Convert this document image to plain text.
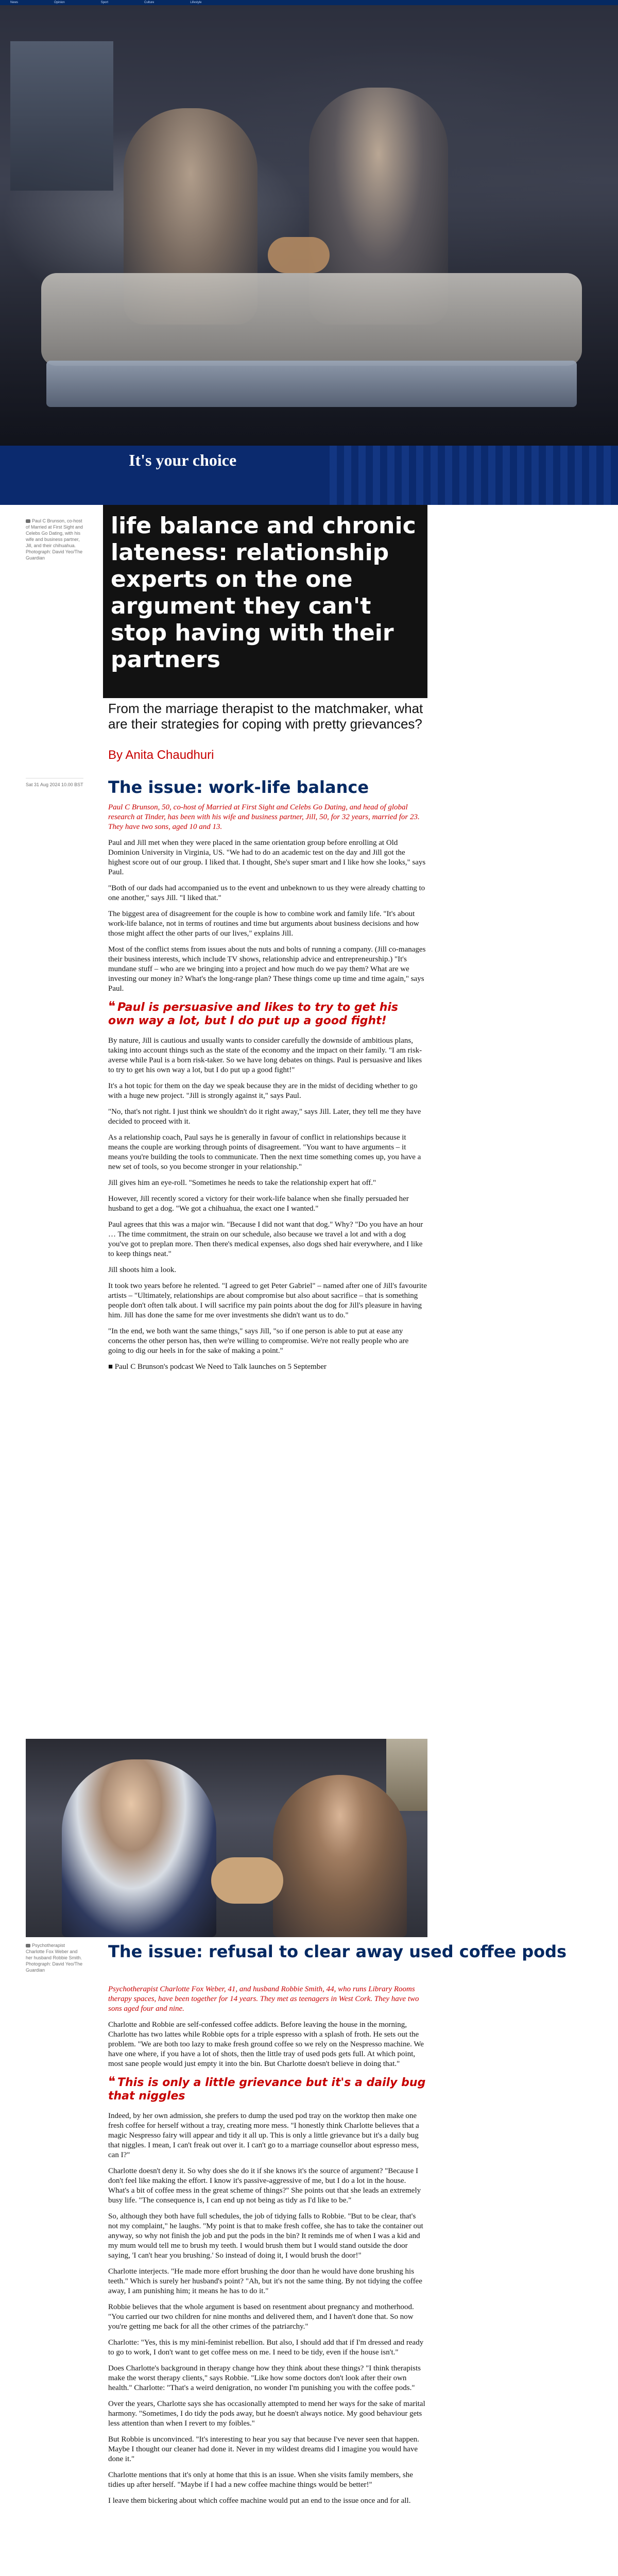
News	Opinion	Sport	Culture	Lifestyle
It's your choice
Paul C Brunson, co-host of Married at First Sight and Celebs Go Dating, with his wife and business partner, Jill, and their chihuahua. Photograph: David Yeo/The Guardian
life balance and chronic lateness: relationship experts on the one argument they can't stop having with their partners
From the marriage therapist to the matchmaker, what are their strategies for coping with pretty grievances?
By Anita Chaudhuri
Sat 31 Aug 2024 10.00 BST The issue: work-life balance

Paul C Brunson, 50, co-host of Married at First Sight and Celebs Go Dating, and head of global research at Tinder, has been with his wife and business partner, Jill, 50, for 32 years, married for 23. They have two sons, aged 10 and 13.

Paul and Jill met when they were placed in the same orientation group before enrolling at Old Dominion University in Virginia, US. "We had to do an academic test on the day and Jill got the highest score out of our group. I liked that. I thought, She's super smart and I like how she looks," says Paul.

"Both of our dads had accompanied us to the event and unbeknown to us they were already chatting to one another," says Jill. "I liked that."

The biggest area of disagreement for the couple is how to combine work and family life. "It's about work-life balance, not in terms of routines and time but arguments about business decisions and how those might affect the other parts of our lives," explains Jill.

Most of the conflict stems from issues about the nuts and bolts of running a company. (Jill co-manages their business interests, which include TV shows, relationship advice and entrepreneurship.) "It's mundane stuff – who are we bringing into a project and how much do we pay them? What are we investing our money in? What's the long-range plan? These things come up time and time again," says Paul.

❝ Paul is persuasive and likes to try to get his own way a lot, but I do put up a good fight!

By nature, Jill is cautious and usually wants to consider carefully the downside of ambitious plans, taking into account things such as the state of the economy and the impact on their family. "I am risk-averse while Paul is a born risk-taker. So we have long debates on things. Paul is persuasive and likes to try to get his own way a lot, but I do put up a good fight!"

It's a hot topic for them on the day we speak because they are in the midst of deciding whether to go with a huge new project. "Jill is strongly against it," says Paul.

"No, that's not right. I just think we shouldn't do it right away," says Jill. Later, they tell me they have decided to proceed with it.

As a relationship coach, Paul says he is generally in favour of conflict in relationships because it means the couple are working through points of disagreement. "You want to have arguments – it means you're building the tools to communicate. Then the next time something comes up, you have a new set of tools, so you become stronger in your relationship."

Jill gives him an eye-roll. "Sometimes he needs to take the relationship expert hat off."

However, Jill recently scored a victory for their work-life balance when she finally persuaded her husband to get a dog. "We got a chihuahua, the exact one I wanted."

Paul agrees that this was a major win. "Because I did not want that dog." Why? "Do you have an hour … The time commitment, the strain on our schedule, also because we travel a lot and with a dog you've got to preplan more. Then there's medical expenses, also dogs shed hair everywhere, and I like to keep things neat."

Jill shoots him a look.

It took two years before he relented. "I agreed to get Peter Gabriel" – named after one of Jill's favourite artists – "Ultimately, relationships are about compromise but also about sacrifice – that is something people don't often talk about. I will sacrifice my pain points about the dog for Jill's pleasure in having him. Jill has done the same for me over investments she didn't want us to do."

"In the end, we both want the same things," says Jill, "so if one person is able to put at ease any concerns the other person has, then we're willing to compromise. We're not really people who are going to dig our heels in for the sake of making a point."

■ Paul C Brunson's podcast We Need to Talk launches on 5 September

Psychotherapist Charlotte Fox Weber and her husband Robbie Smith. Photograph: David Yeo/The Guardian
The issue: refusal to clear away used coffee pods

Psychotherapist Charlotte Fox Weber, 41, and husband Robbie Smith, 44, who runs Library Rooms therapy spaces, have been together for 14 years. They met as teenagers in West Cork. They have two sons aged four and nine.

Charlotte and Robbie are self-confessed coffee addicts. Before leaving the house in the morning, Charlotte has two lattes while Robbie opts for a triple espresso with a splash of froth. He sets out the problem. "We are both too lazy to make fresh ground coffee so we rely on the Nespresso machine. We have one where, if you have a lot of shots, then the little tray of used pods gets full. At which point, most sane people would just empty it into the bin. But Charlotte doesn't believe in doing that."

❝ This is only a little grievance but it's a daily bug that niggles

Indeed, by her own admission, she prefers to dump the used pod tray on the worktop then make one fresh coffee for herself without a tray, creating more mess. "I honestly think Charlotte believes that a magic Nespresso fairy will appear and tidy it all up. This is only a little grievance but it's a daily bug that niggles. I mean, I can't freak out over it. I can't go to a marriage counsellor about espresso mess, can I?"

Charlotte doesn't deny it. So why does she do it if she knows it's the source of argument? "Because I don't feel like making the effort. I know it's passive-aggressive of me, but I do a lot in the house. What's a bit of coffee mess in the great scheme of things?" She points out that she leads an extremely busy life. "The consequence is, I can end up not being as tidy as I'd like to be."

So, although they both have full schedules, the job of tidying falls to Robbie. "But to be clear, that's not my complaint," he laughs. "My point is that to make fresh coffee, she has to take the container out anyway, so why not finish the job and put the pods in the bin? It reminds me of when I was a kid and my mum would tell me to brush my teeth. I would brush them but I would stand outside the door saying, 'I can't hear you brushing.' So instead of doing it, I would brush the door!"

Charlotte interjects. "He made more effort brushing the door than he would have done brushing his teeth." Which is surely her husband's point? "Ah, but it's not the same thing. By not tidying the coffee away, I am punishing him; it means he has to do it."

Robbie believes that the whole argument is based on resentment about pregnancy and motherhood. "You carried our two children for nine months and delivered them, and I haven't done that. So now you're getting me back for all the other crimes of the patriarchy."

Charlotte: "Yes, this is my mini-feminist rebellion. But also, I should add that if I'm dressed and ready to go to work, I don't want to get coffee mess on me. I need to be tidy, even if the house isn't."

Does Charlotte's background in therapy change how they think about these things? "I think therapists make the worst therapy clients," says Robbie. "Like how some doctors don't look after their own health." Charlotte: "That's a weird denigration, no wonder I'm punishing you with the coffee pods."

Over the years, Charlotte says she has occasionally attempted to mend her ways for the sake of marital harmony. "Sometimes, I do tidy the pods away, but he doesn't always notice. My good behaviour gets less attention than when I revert to my foibles."

But Robbie is unconvinced. "It's interesting to hear you say that because I've never seen that happen. Maybe I thought our cleaner had done it. Never in my wildest dreams did I imagine you would have done it."

Charlotte mentions that it's only at home that this is an issue. When she visits family members, she tidies up after herself. "Maybe if I had a new coffee machine things would be better!"

I leave them bickering about which coffee machine would put an end to the issue once and for all.
